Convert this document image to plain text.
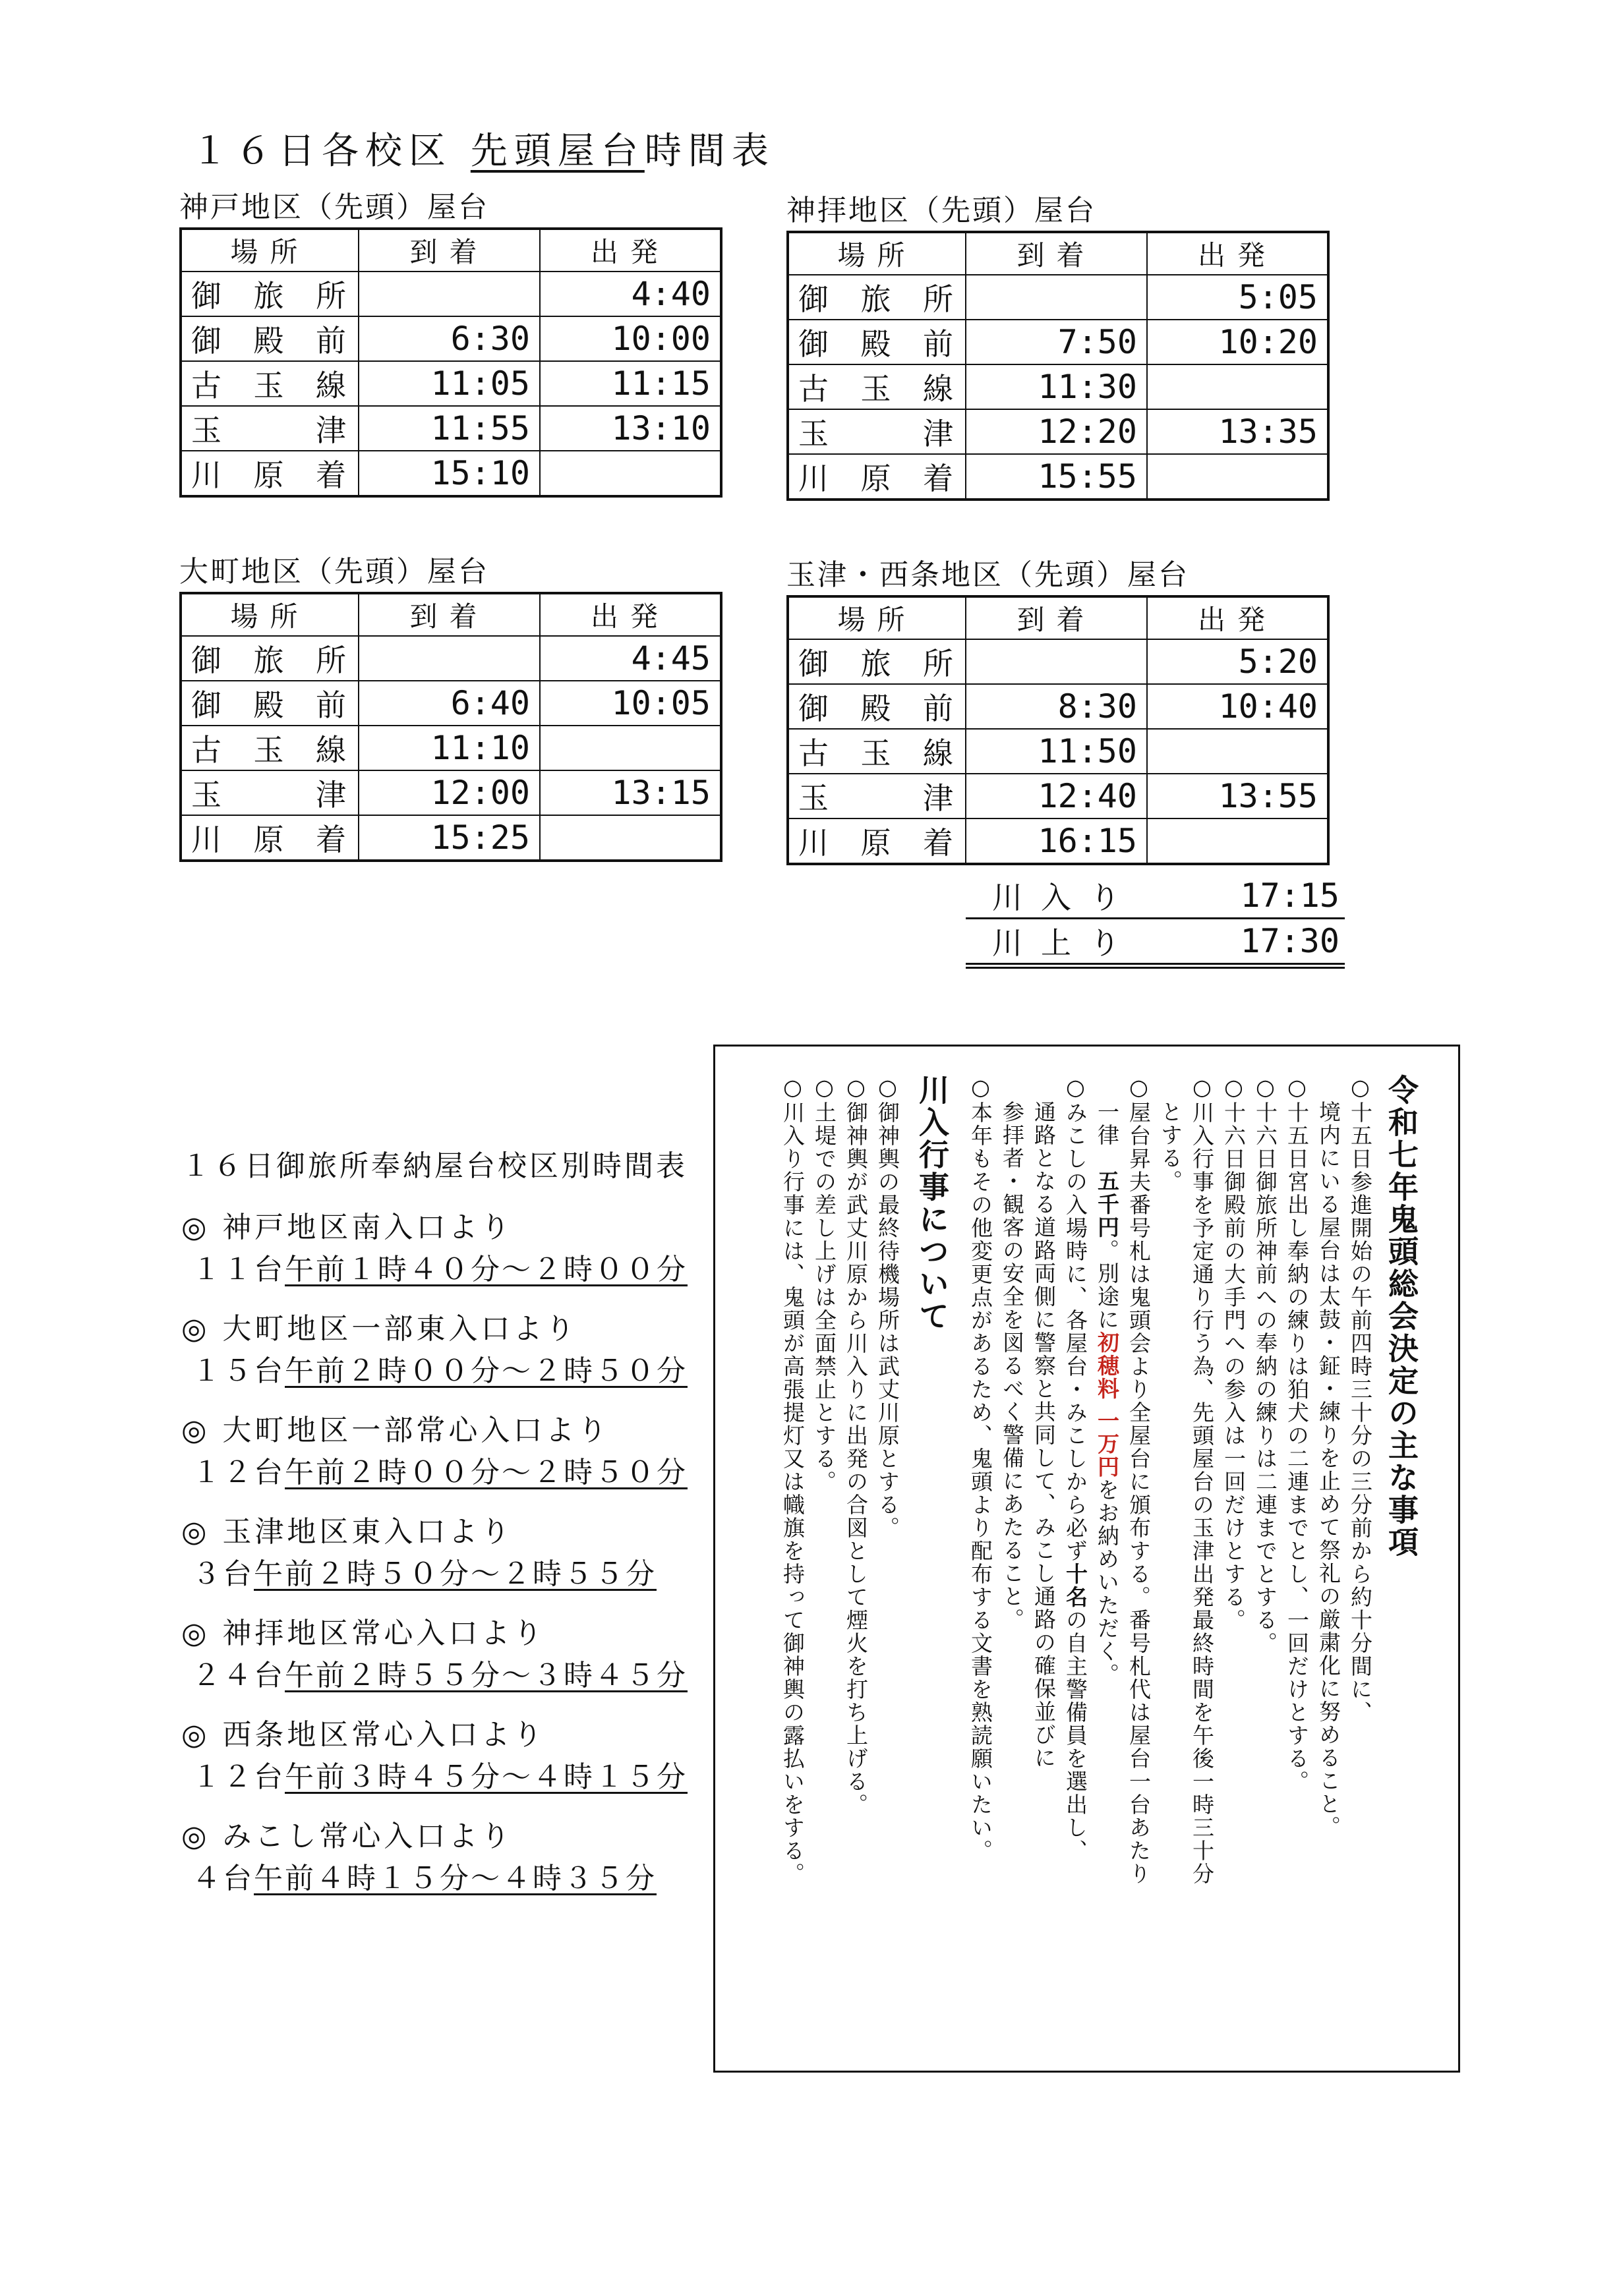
１６日各校区 先頭屋台時間表
神戸地区（先頭）屋台
場所	到着	出発
御旅所		4:40
御殿前	6:30	10:00
古玉線	11:05	11:15
玉津	11:55	13:10
川原着	15:10	
神拝地区（先頭）屋台
場所	到着	出発
御旅所		5:05
御殿前	7:50	10:20
古玉線	11:30	
玉津	12:20	13:35
川原着	15:55	
大町地区（先頭）屋台
場所	到着	出発
御旅所		4:45
御殿前	6:40	10:05
古玉線	11:10	
玉津	12:00	13:15
川原着	15:25	
玉津・西条地区（先頭）屋台
場所	到着	出発
御旅所		5:20
御殿前	8:30	10:40
古玉線	11:50	
玉津	12:40	13:55
川原着	16:15	
川入り	17:15
川上り	17:30
１６日御旅所奉納屋台校区別時間表
◎ 神戸地区南入口より
１１台午前１時４０分～２時００分
◎ 大町地区一部東入口より
１５台午前２時００分～２時５０分
◎ 大町地区一部常心入口より
１２台午前２時００分～２時５０分
◎ 玉津地区東入口より
３台午前２時５０分～２時５５分
◎ 神拝地区常心入口より
２４台午前２時５５分～３時４５分
◎ 西条地区常心入口より
１２台午前３時４５分～４時１５分
◎ みこし常心入口より
４台午前４時１５分～４時３５分
令和七年鬼頭総会決定の主な事項
○十五日参進開始の午前四時三十分の三分前から約十分間に、
境内にいる屋台は太鼓・鉦・練りを止めて祭礼の厳粛化に努めること。
○十五日宮出し奉納の練りは狛犬の二連までとし、一回だけとする。
○十六日御旅所神前への奉納の練りは二連までとする。
○十六日御殿前の大手門への参入は一回だけとする。
○川入行事を予定通り行う為、先頭屋台の玉津出発最終時間を午後一時三十分
とする。
○屋台昇夫番号札は鬼頭会より全屋台に頒布する。番号札代は屋台一台あたり
一律　五千円。別途に初穂料 一万円をお納めいただく。
○みこしの入場時に、各屋台・みこしから必ず十名の自主警備員を選出し、
通路となる道路両側に警察と共同して、みこし通路の確保並びに
参拝者・観客の安全を図るべく警備にあたること。
○本年もその他変更点があるため、鬼頭より配布する文書を熟読願いたい。
川入行事について
○御神輿の最終待機場所は武丈川原とする。
○御神輿が武丈川原から川入りに出発の合図として煙火を打ち上げる。
○土堤での差し上げは全面禁止とする。
○川入り行事には、鬼頭が高張提灯又は幟旗を持って御神輿の露払いをする。
